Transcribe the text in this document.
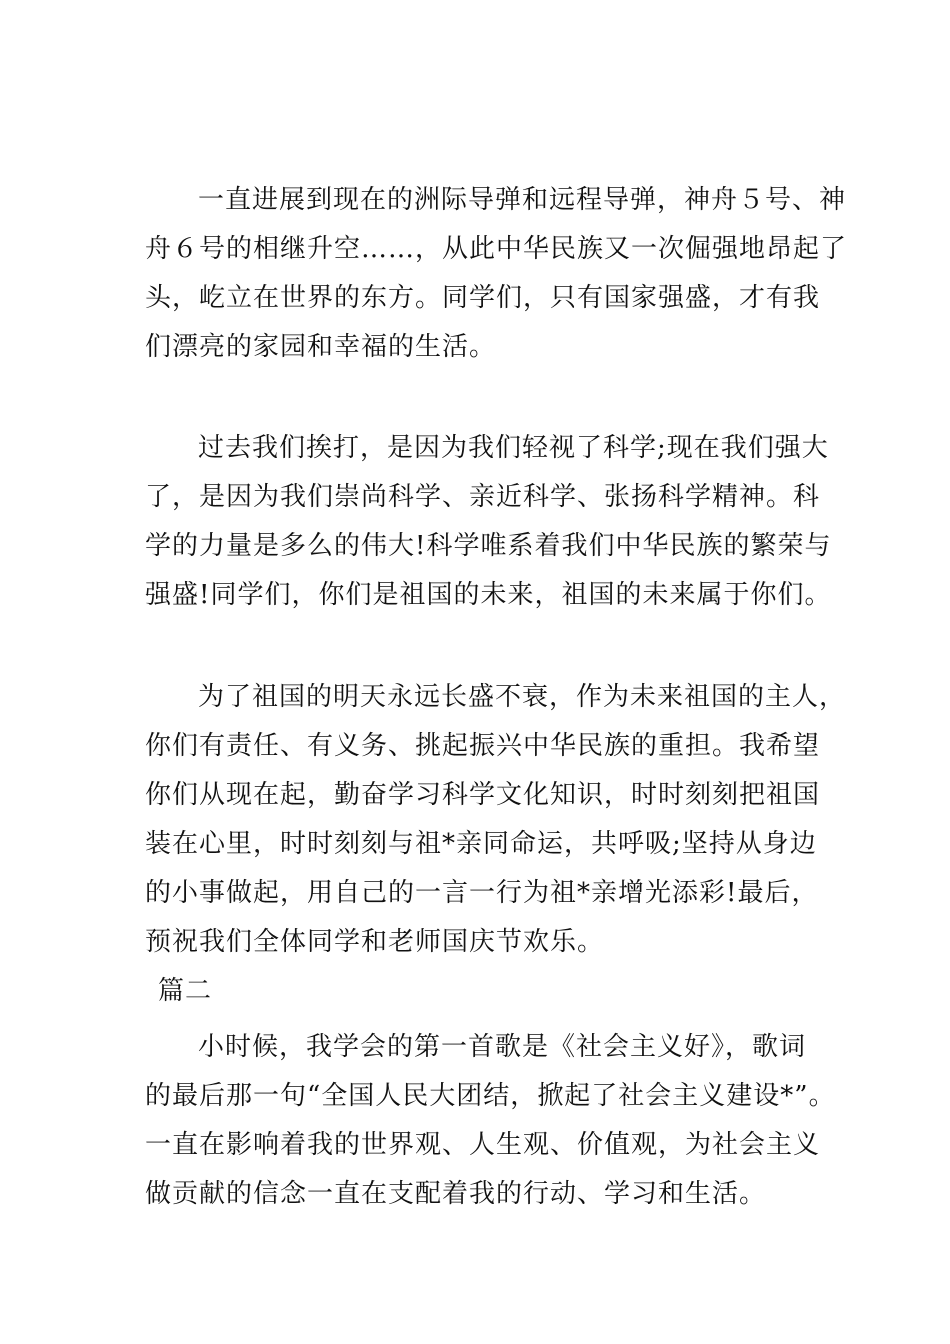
一直进展到现在的洲际导弹和远程导弹，神舟５号、神
舟６号的相继升空……，从此中华民族又一次倔强地昂起了
头，屹立在世界的东方。同学们，只有国家强盛，才有我
们漂亮的家园和幸福的生活。
过去我们挨打，是因为我们轻视了科学;现在我们强大
了，是因为我们崇尚科学、亲近科学、张扬科学精神。科
学的力量是多么的伟大!科学唯系着我们中华民族的繁荣与
强盛!同学们，你们是祖国的未来，祖国的未来属于你们。
为了祖国的明天永远长盛不衰，作为未来祖国的主人，
你们有责任、有义务、挑起振兴中华民族的重担。我希望
你们从现在起，勤奋学习科学文化知识，时时刻刻把祖国
装在心里，时时刻刻与祖*亲同命运，共呼吸;坚持从身边
的小事做起，用自己的一言一行为祖*亲增光添彩!最后，
预祝我们全体同学和老师国庆节欢乐。
篇二
小时候，我学会的第一首歌是《社会主义好》，歌词
的最后那一句“全国人民大团结，掀起了社会主义建设*”。
一直在影响着我的世界观、人生观、价值观，为社会主义
做贡献的信念一直在支配着我的行动、学习和生活。
